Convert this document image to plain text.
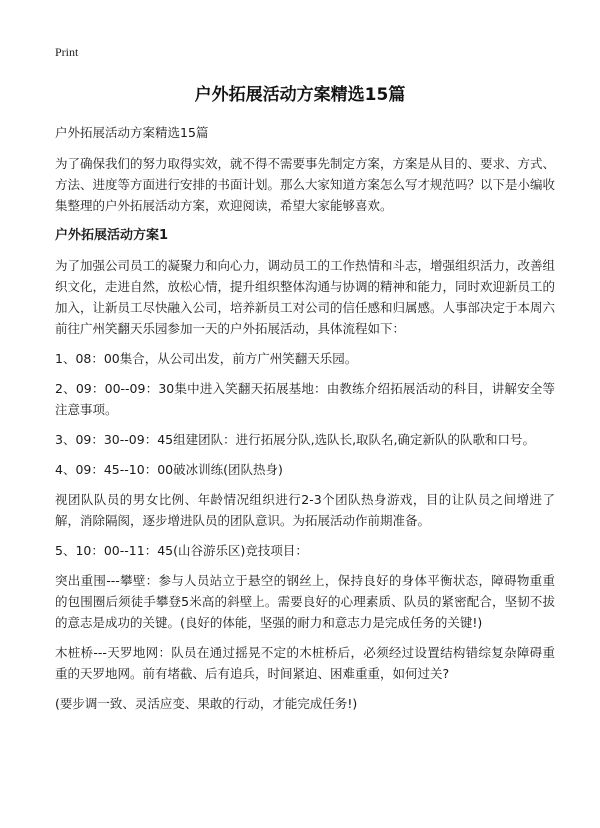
Print
户外拓展活动方案精选15篇

户外拓展活动方案精选15篇

为了确保我们的努力取得实效，就不得不需要事先制定方案，方案是从目的、要求、方式、方法、进度等方面进行安排的书面计划。那么大家知道方案怎么写才规范吗？以下是小编收集整理的户外拓展活动方案，欢迎阅读，希望大家能够喜欢。

户外拓展活动方案1

为了加强公司员工的凝聚力和向心力，调动员工的工作热情和斗志，增强组织活力，改善组织文化，走进自然，放松心情，提升组织整体沟通与协调的精神和能力，同时欢迎新员工的加入，让新员工尽快融入公司，培养新员工对公司的信任感和归属感。人事部决定于本周六前往广州笑翻天乐园参加一天的户外拓展活动，具体流程如下：

1、08：00集合，从公司出发，前方广州笑翻天乐园。

2、09：00--09：30集中进入笑翻天拓展基地：由教练介绍拓展活动的科目，讲解安全等注意事项。

3、09：30--09：45组建团队：进行拓展分队,选队长,取队名,确定新队的队歌和口号。

4、09：45--10：00破冰训练(团队热身)

视团队队员的男女比例、年龄情况组织进行2-3个团队热身游戏，目的让队员之间增进了解，消除隔阂，逐步增进队员的团队意识。为拓展活动作前期准备。

5、10：00--11：45(山谷游乐区)竞技项目：

突出重围---攀壁：参与人员站立于悬空的钢丝上，保持良好的身体平衡状态，障碍物重重的包围圈后须徒手攀登5米高的斜壁上。需要良好的心理素质、队员的紧密配合，坚韧不拔的意志是成功的关键。(良好的体能，坚强的耐力和意志力是完成任务的关键!)

木桩桥---天罗地网：队员在通过摇晃不定的木桩桥后，必须经过设置结构错综复杂障碍重重的天罗地网。前有堵截、后有追兵，时间紧迫、困难重重，如何过关?

(要步调一致、灵活应变、果敢的行动，才能完成任务!)
